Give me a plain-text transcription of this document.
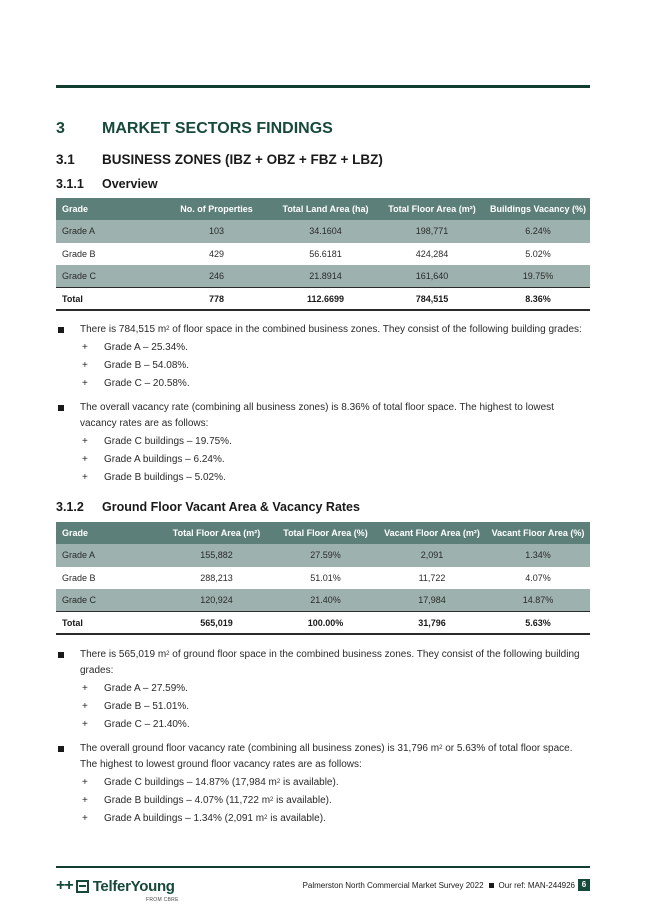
3 MARKET SECTORS FINDINGS
3.1 BUSINESS ZONES (IBZ + OBZ + FBZ + LBZ)
3.1.1 Overview
Grade	No. of Properties	Total Land Area (ha)	Total Floor Area (m²)	Buildings Vacancy (%)
Grade A	103	34.1604	198,771	6.24%
Grade B	429	56.6181	424,284	5.02%
Grade C	246	21.8914	161,640	19.75%
Total	778	112.6699	784,515	8.36%
There is 784,515 $m^2$ of floor space in the combined business zones. They consist of the following building grades:
+ Grade A – 25.34%.
+ Grade B – 54.08%.
+ Grade C – 20.58%.
The overall vacancy rate (combining all business zones) is 8.36% of total floor space. The highest to lowest vacancy rates are as follows:
+ Grade C buildings – 19.75%.
+ Grade A buildings – 6.24%.
+ Grade B buildings – 5.02%.
3.1.2 Ground Floor Vacant Area & Vacancy Rates
Grade	Total Floor Area (m²)	Total Floor Area (%)	Vacant Floor Area (m²)	Vacant Floor Area (%)
Grade A	155,882	27.59%	2,091	1.34%
Grade B	288,213	51.01%	11,722	4.07%
Grade C	120,924	21.40%	17,984	14.87%
Total	565,019	100.00%	31,796	5.63%
There is 565,019 $m^2$ of ground floor space in the combined business zones. They consist of the following building grades:
+ Grade A – 27.59%.
+ Grade B – 51.01%.
+ Grade C – 21.40%.
The overall ground floor vacancy rate (combining all business zones) is 31,796 $m^2$ or 5.63% of total floor space. The highest to lowest ground floor vacancy rates are as follows:
+ Grade C buildings – 14.87% (17,984 $m^2$ is available).
+ Grade B buildings – 4.07% (11,722 $m^2$ is available).
+ Grade A buildings – 1.34% (2,091 $m^2$ is available).
++ TelferYoung
FROM CBRE
Palmerston North Commercial Market Survey 2022 Our ref: MAN-244926 6
